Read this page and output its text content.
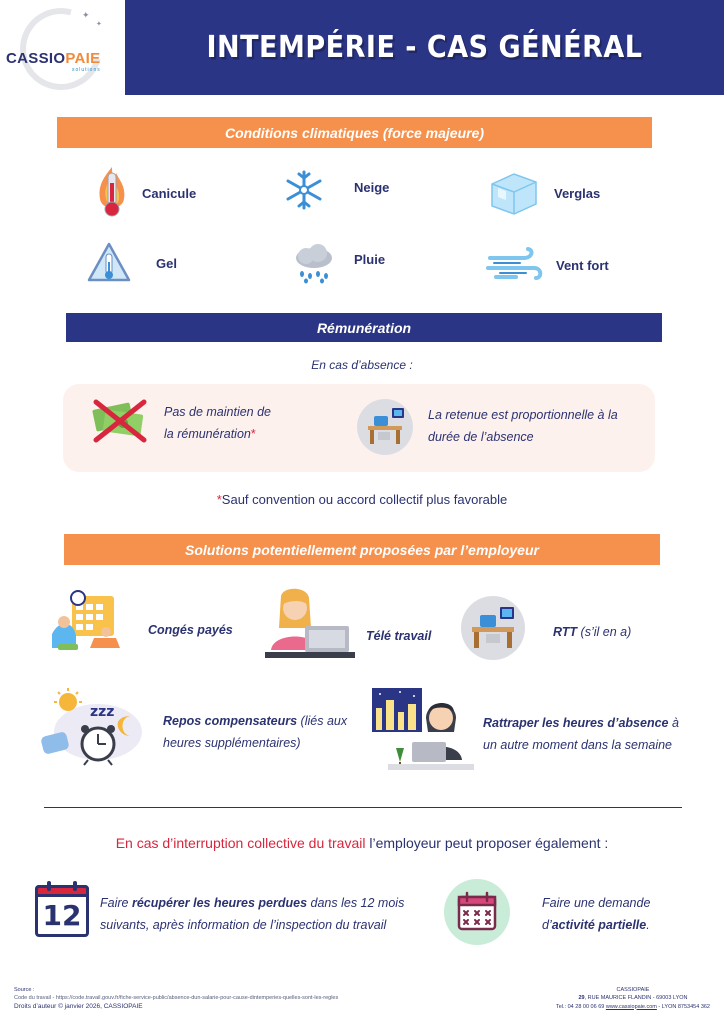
✦
✦
CASSIOPAIE
solutions
INTEMPÉRIE - CAS GÉNÉRAL
Conditions climatiques (force majeure)
Canicule	Neige	Verglas
Gel	Pluie	Vent fort
Rémunération
En cas d’absence :
Pas de maintien de
la rémunération*
La retenue est proportionnelle à la
durée de l’absence
*Sauf convention ou accord collectif plus favorable
Solutions potentiellement proposées par l’employeur
Congés payés	Télé travail	RTT (s’il en a)
zzz
Repos compensateurs (liés aux
heures supplémentaires)
Rattraper les heures d’absence à
un autre moment dans la semaine
En cas d’interruption collective du travail l’employeur peut proposer également :
12	Faire récupérer les heures perdues dans les 12 mois
suivants, après information de l’inspection du travail
Faire une demande
d’activité partielle.
Source :
Code du travail - https://code.travail.gouv.fr/fiche-service-public/absence-dun-salarie-pour-cause-dintemperies-quelles-sont-les-regles
Droits d’auteur © janvier 2026, CASSIOPAIE
CASSIOPAIE
29, RUE MAURICE FLANDIN - 69003 LYON
Tel.: 04 28 00 06 69 www.cassiopaie.com - LYON 8753454 362
